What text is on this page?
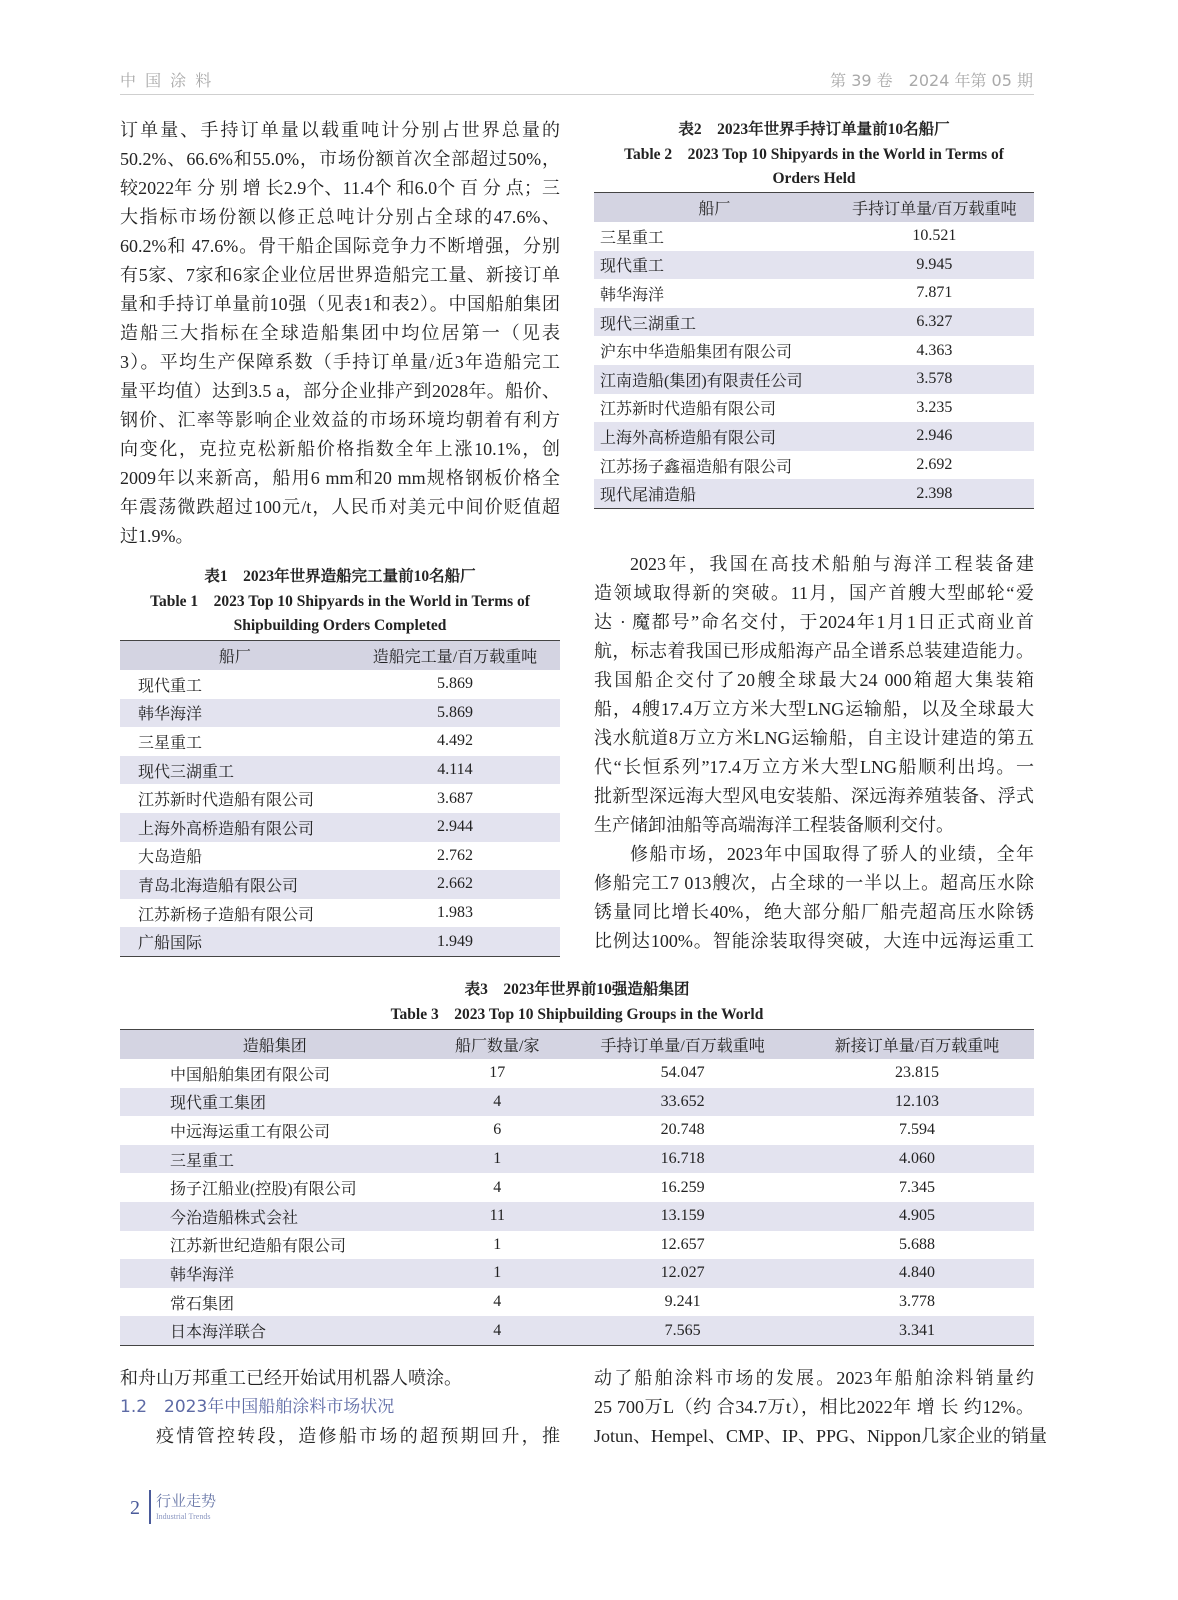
中 国 涂 料	第 39 卷　2024 年第 05 期
订单量、手持订单量以载重吨计分别占世界总量的
50.2%、66.6%和55.0%，市场份额首次全部超过50%，
较2022年 分 别 增 长2.9个、11.4个 和6.0个 百 分 点；三
大指标市场份额以修正总吨计分别占全球的47.6%、
60.2%和 47.6%。骨干船企国际竞争力不断增强，分别
有5家、7家和6家企业位居世界造船完工量、新接订单
量和手持订单量前10强（见表1和表2）。中国船舶集团
造船三大指标在全球造船集团中均位居第一（见表
3）。平均生产保障系数（手持订单量/近3年造船完工
量平均值）达到3.5 a，部分企业排产到2028年。船价、
钢价、汇率等影响企业效益的市场环境均朝着有利方
向变化，克拉克松新船价格指数全年上涨10.1%，创
2009年以来新高，船用6 mm和20 mm规格钢板价格全
年震荡微跌超过100元/t，人民币对美元中间价贬值超
过1.9%。
表1　2023年世界造船完工量前10名船厂
Table 1　2023 Top 10 Shipyards in the World in Terms of
Shipbuilding Orders Completed
船厂	造船完工量/百万载重吨
现代重工	5.869
韩华海洋	5.869
三星重工	4.492
现代三湖重工	4.114
江苏新时代造船有限公司	3.687
上海外高桥造船有限公司	2.944
大岛造船	2.762
青岛北海造船有限公司	2.662
江苏新杨子造船有限公司	1.983
广船国际	1.949
表2　2023年世界手持订单量前10名船厂
Table 2　2023 Top 10 Shipyards in the World in Terms of
Orders Held
船厂	手持订单量/百万载重吨
三星重工	10.521
现代重工	9.945
韩华海洋	7.871
现代三湖重工	6.327
沪东中华造船集团有限公司	4.363
江南造船(集团)有限责任公司	3.578
江苏新时代造船有限公司	3.235
上海外高桥造船有限公司	2.946
江苏扬子鑫福造船有限公司	2.692
现代尾浦造船	2.398
2023年，我国在高技术船舶与海洋工程装备建
造领域取得新的突破。11月，国产首艘大型邮轮“爱
达 · 魔都号”命名交付，于2024年1月1日正式商业首
航，标志着我国已形成船海产品全谱系总装建造能力。
我国船企交付了20艘全球最大24 000箱超大集装箱
船，4艘17.4万立方米大型LNG运输船，以及全球最大
浅水航道8万立方米LNG运输船，自主设计建造的第五
代“长恒系列”17.4万立方米大型LNG船顺利出坞。一
批新型深远海大型风电安装船、深远海养殖装备、浮式
生产储卸油船等高端海洋工程装备顺利交付。
修船市场，2023年中国取得了骄人的业绩，全年
修船完工7 013艘次，占全球的一半以上。超高压水除
锈量同比增长40%，绝大部分船厂船壳超高压水除锈
比例达100%。智能涂装取得突破，大连中远海运重工
表3　2023年世界前10强造船集团
Table 3　2023 Top 10 Shipbuilding Groups in the World
造船集团	船厂数量/家	手持订单量/百万载重吨	新接订单量/百万载重吨
中国船舶集团有限公司	17	54.047	23.815
现代重工集团	4	33.652	12.103
中远海运重工有限公司	6	20.748	7.594
三星重工	1	16.718	4.060
扬子江船业(控股)有限公司	4	16.259	7.345
今治造船株式会社	11	13.159	4.905
江苏新世纪造船有限公司	1	12.657	5.688
韩华海洋	1	12.027	4.840
常石集团	4	9.241	3.778
日本海洋联合	4	7.565	3.341
和舟山万邦重工已经开始试用机器人喷涂。
1.2　2023年中国船舶涂料市场状况
疫情管控转段，造修船市场的超预期回升，推
动了船舶涂料市场的发展。2023年船舶涂料销量约
25 700万L（约 合34.7万t），相比2022年 增 长 约12%。
Jotun、Hempel、CMP、IP、PPG、Nippon几家企业的销量
2 行业走势
Industrial Trends
